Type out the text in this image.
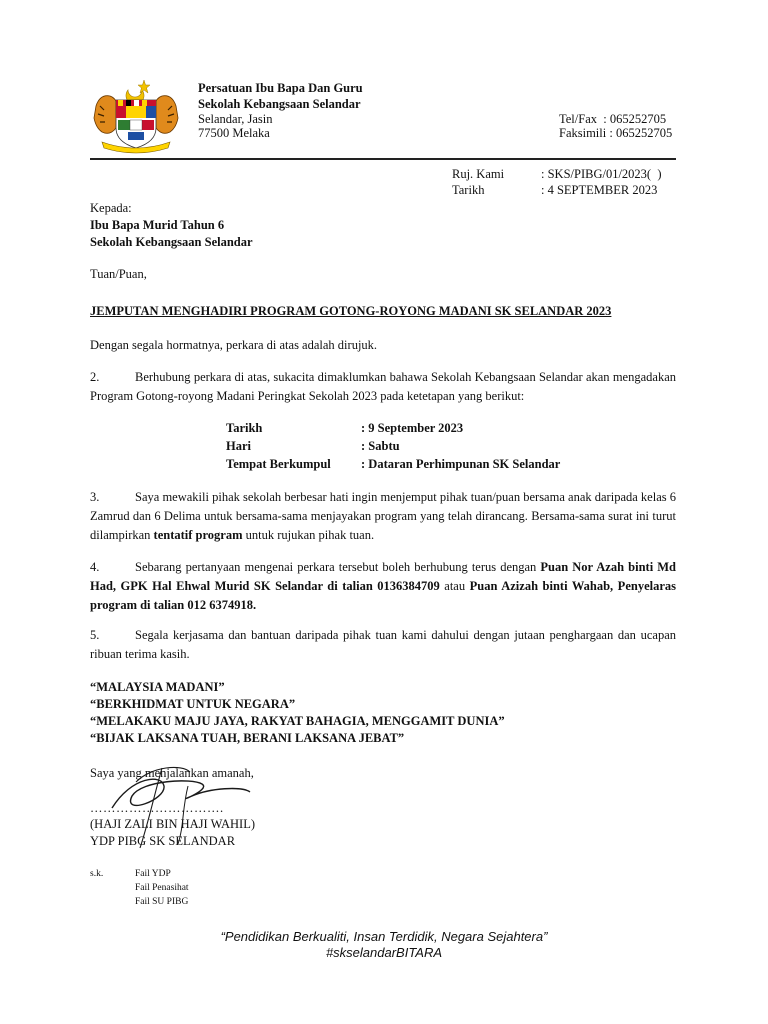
Persatuan Ibu Bapa Dan Guru
Sekolah Kebangsaan Selandar
Selandar, Jasin
77500 Melaka
Tel/Fax  : 065252705
Faksimili : 065252705
Ruj. Kami	: SKS/PIBG/01/2023(  )
Tarikh	: 4 SEPTEMBER 2023
Kepada:
Ibu Bapa Murid Tahun 6
Sekolah Kebangsaan Selandar
Tuan/Puan,
JEMPUTAN MENGHADIRI PROGRAM GOTONG-ROYONG MADANI SK SELANDAR 2023
Dengan segala hormatnya, perkara di atas adalah dirujuk.
2.	Berhubung perkara di atas, sukacita dimaklumkan bahawa Sekolah Kebangsaan Selandar akan mengadakan Program Gotong-royong Madani Peringkat Sekolah 2023 pada ketetapan yang berikut:
Tarikh	: 9 September 2023
Hari	: Sabtu
Tempat Berkumpul : Dataran Perhimpunan SK Selandar
3.	Saya mewakili pihak sekolah berbesar hati ingin menjemput pihak tuan/puan bersama anak daripada kelas 6 Zamrud dan 6 Delima untuk bersama-sama menjayakan program yang telah dirancang. Bersama-sama surat ini turut dilampirkan tentatif program untuk rujukan pihak tuan.
4.	Sebarang pertanyaan mengenai perkara tersebut boleh berhubung terus dengan Puan Nor Azah binti Md Had, GPK Hal Ehwal Murid SK Selandar di talian 0136384709 atau Puan Azizah binti Wahab, Penyelaras program di talian 012 6374918.
5.	Segala kerjasama dan bantuan daripada pihak tuan kami dahului dengan jutaan penghargaan dan ucapan ribuan terima kasih.
“MALAYSIA MADANI”
“BERKHIDMAT UNTUK NEGARA”
“MELAKAKU MAJU JAYA, RAKYAT BAHAGIA, MENGGAMIT DUNIA”
“BIJAK LAKSANA TUAH, BERANI LAKSANA JEBAT”
Saya yang menjalankan amanah,
………………………….
(HAJI ZALI BIN HAJI WAHIL)
YDP PIBG SK SELANDAR
s.k.	Fail YDP
Fail Penasihat
Fail SU PIBG
“Pendidikan Berkualiti, Insan Terdidik, Negara Sejahtera”
#skselandarBITARA
